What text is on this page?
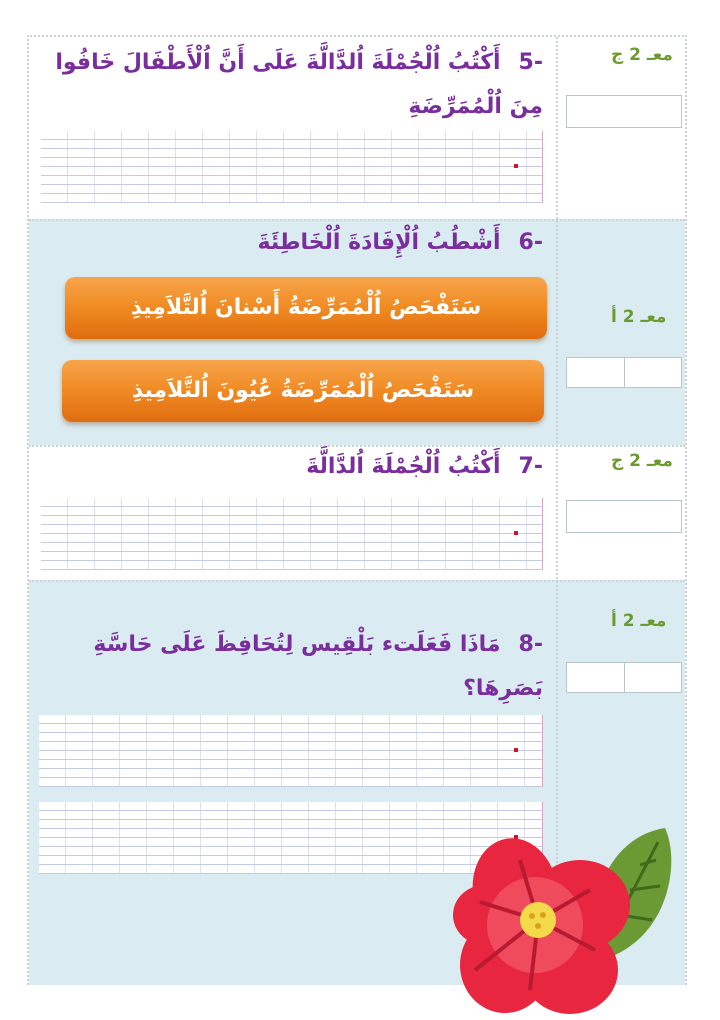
-5أَكْتُبُ اُلْجُمْلَةَ اُلدَّالَّةَ عَلَى أَنَّ اُلْأَطْفَالَ خَافُوا مِنَ اُلْمُمَرِّضَةِ
معـ 2 ج
-6أَشْطُبُ اُلْإِفَادَةَ اُلْخَاطِئَةَ
سَتَفْحَصُ اُلْمُمَرِّضَةُ أَسْنانَ اُلتَّلاَمِيذِ
سَتَفْحَصُ اُلْمُمَرِّضَةُ عُيُونَ اُلتَّلاَمِيذِ
معـ 2 أ
-7أَكْتُبُ اُلْجُمْلَةَ اُلدَّالَّةَ	معـ 2 ج
-8مَاذَا فَعَلَتء بَلْقِيس لِتُحَافِظَ عَلَى حَاسَّةِ بَصَرِهَا؟
معـ 2 أ
